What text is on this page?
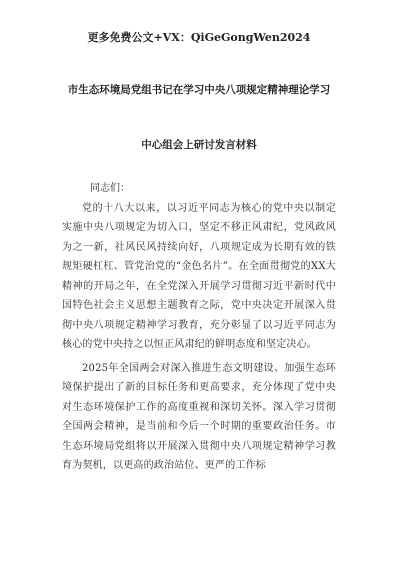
更多免费公文+VX：QiGeGongWen2024

市生态环境局党组书记在学习中央八项规定精神理论学习

中心组会上研讨发言材料

同志们：

党的十八大以来，以习近平同志为核心的党中央以制定实施中央八项规定为切入口，坚定不移正风肃纪，党风政风为之一新，社风民风持续向好，八项规定成为长期有效的铁规矩硬杠杠、管党治党的“金色名片”。在全面贯彻党的XX大精神的开局之年，在全党深入开展学习贯彻习近平新时代中国特色社会主义思想主题教育之际，党中央决定开展深入贯彻中央八项规定精神学习教育，充分彰显了以习近平同志为核心的党中央持之以恒正风肃纪的鲜明态度和坚定决心。

2025年全国两会对深入推进生态文明建设、加强生态环境保护提出了新的目标任务和更高要求，充分体现了党中央对生态环境保护工作的高度重视和深切关怀。深入学习贯彻全国两会精神，是当前和今后一个时期的重要政治任务。市生态环境局党组将以开展深入贯彻中央八项规定精神学习教育为契机，以更高的政治站位、更严的工作标
